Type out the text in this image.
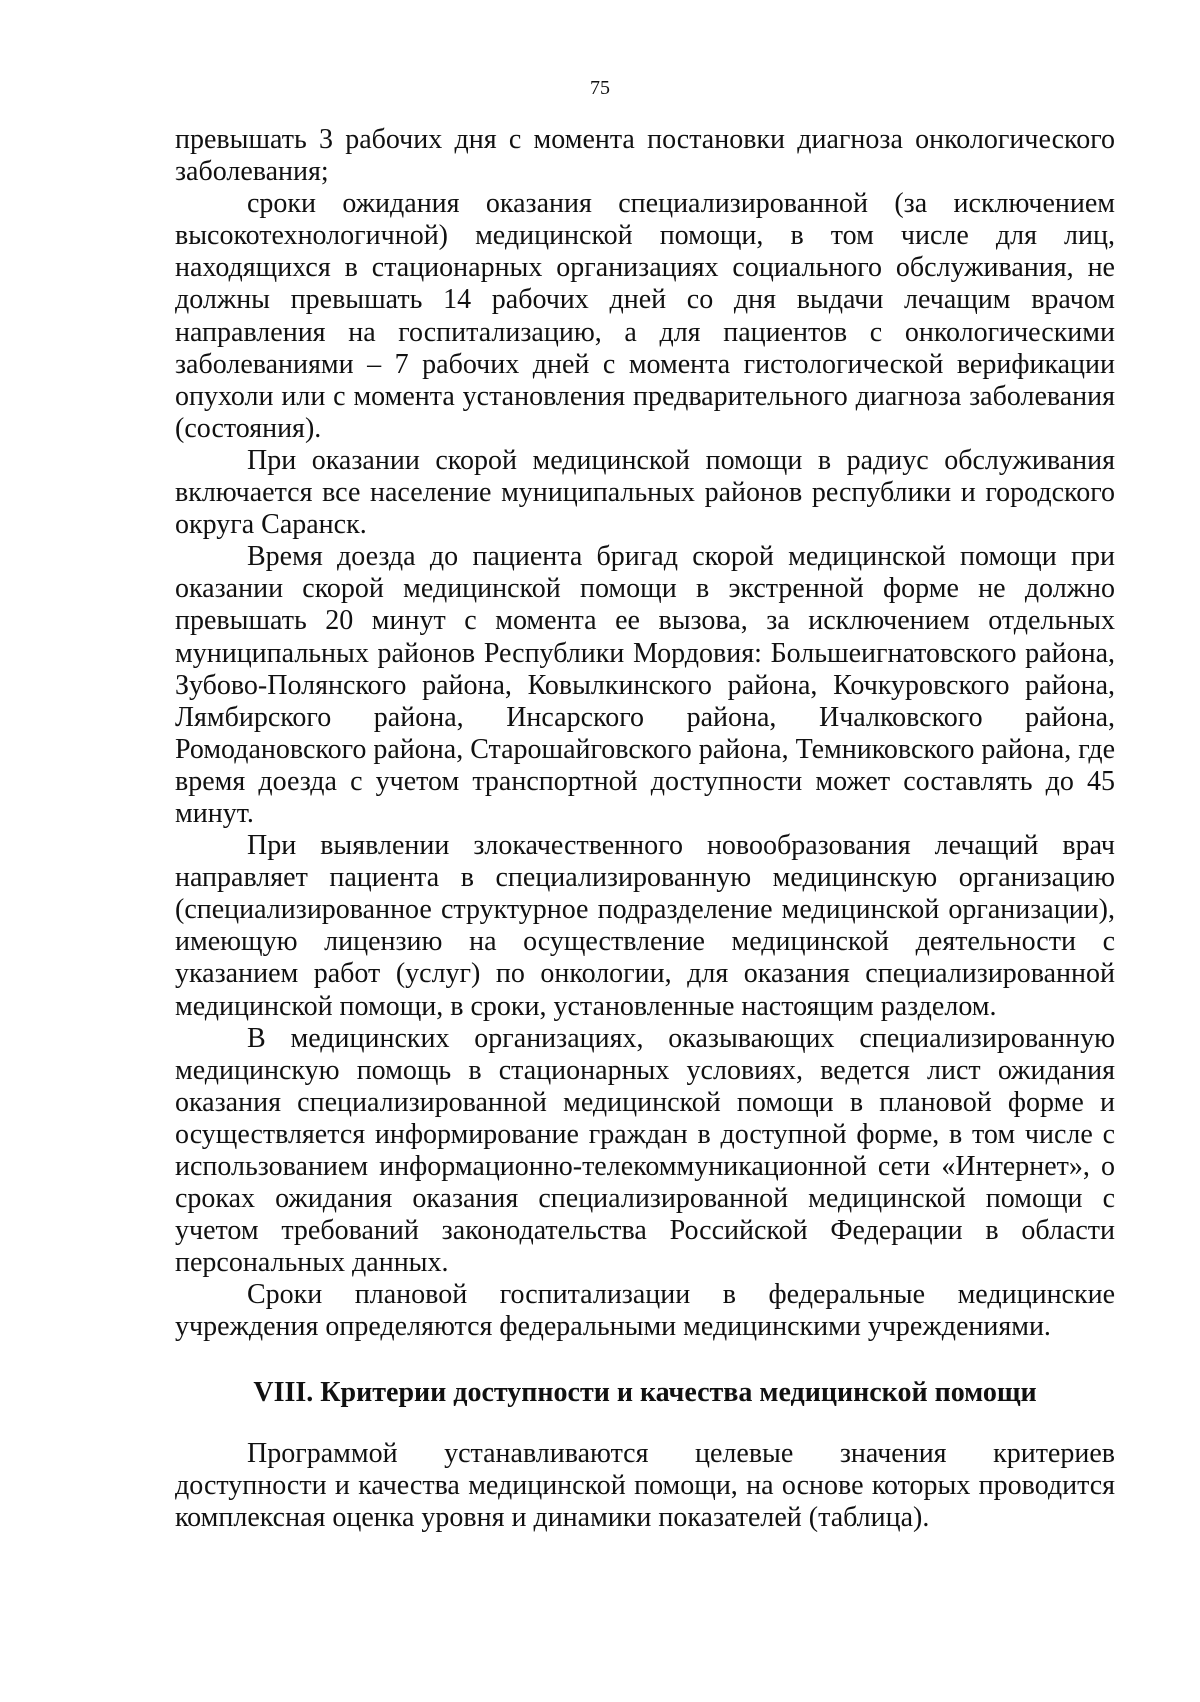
75

превышать 3 рабочих дня с момента постановки диагноза онкологического заболевания;

сроки ожидания оказания специализированной (за исключением высокотехнологичной) медицинской помощи, в том числе для лиц, находящихся в стационарных организациях социального обслуживания, не должны превышать 14 рабочих дней со дня выдачи лечащим врачом направления на госпитализацию, а для пациентов с онкологическими заболеваниями – 7 рабочих дней с момента гистологической верификации опухоли или с момента установления предварительного диагноза заболевания (состояния).

При оказании скорой медицинской помощи в радиус обслуживания включается все население муниципальных районов республики и городского округа Саранск.

Время доезда до пациента бригад скорой медицинской помощи при оказании скорой медицинской помощи в экстренной форме не должно превышать 20 минут с момента ее вызова, за исключением отдельных муниципальных районов Республики Мордовия: Большеигнатовского района, Зубово-Полянского района, Ковылкинского района, Кочкуровского района, Лямбирского района, Инсарского района, Ичалковского района, Ромодановского района, Старошайговского района, Темниковского района, где время доезда с учетом транспортной доступности может составлять до 45 минут.

При выявлении злокачественного новообразования лечащий врач направляет пациента в специализированную медицинскую организацию (специализированное структурное подразделение медицинской организации), имеющую лицензию на осуществление медицинской деятельности с указанием работ (услуг) по онкологии, для оказания специализированной медицинской помощи, в сроки, установленные настоящим разделом.

В медицинских организациях, оказывающих специализированную медицинскую помощь в стационарных условиях, ведется лист ожидания оказания специализированной медицинской помощи в плановой форме и осуществляется информирование граждан в доступной форме, в том числе с использованием информационно-телекоммуникационной сети «Интернет», о сроках ожидания оказания специализированной медицинской помощи с учетом требований законодательства Российской Федерации в области персональных данных.

Сроки плановой госпитализации в федеральные медицинские учреждения определяются федеральными медицинскими учреждениями.

VIII. Критерии доступности и качества медицинской помощи

Программой устанавливаются целевые значения критериев доступности и качества медицинской помощи, на основе которых проводится комплексная оценка уровня и динамики показателей (таблица).
